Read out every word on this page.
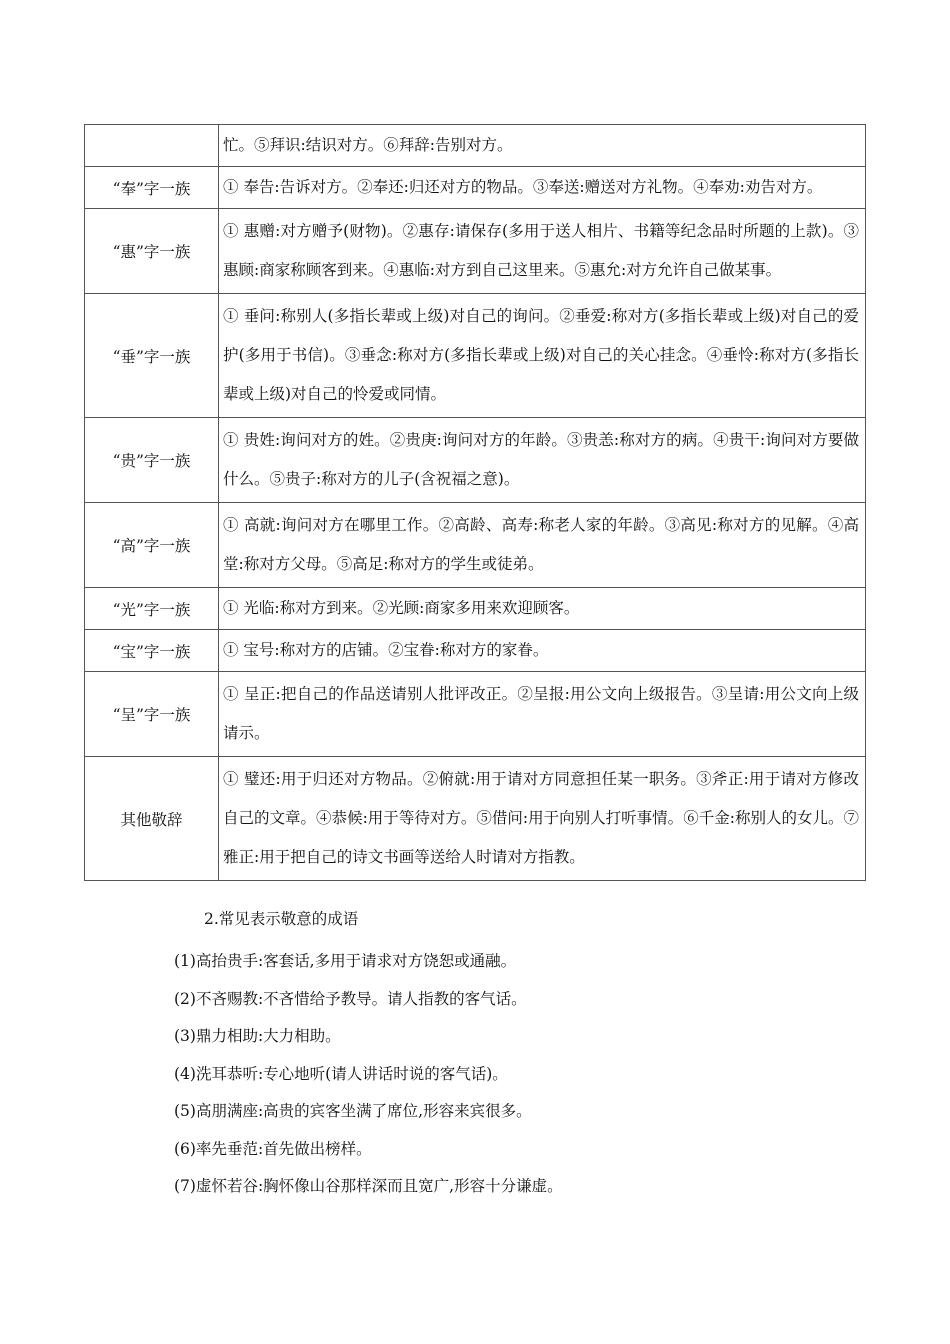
	忙。⑤拜识:结识对方。⑥拜辞:告别对方。
“奉”字一族	① 奉告:告诉对方。②奉还:归还对方的物品。③奉送:赠送对方礼物。④奉劝:劝告对方。
“惠”字一族	① 惠赠:对方赠予(财物)。②惠存:请保存(多用于送人相片、书籍等纪念品时所题的上款)。③惠顾:商家称顾客到来。④惠临:对方到自己这里来。⑤惠允:对方允许自己做某事。
“垂”字一族	① 垂问:称别人(多指长辈或上级)对自己的询问。②垂爱:称对方(多指长辈或上级)对自己的爱护(多用于书信)。③垂念:称对方(多指长辈或上级)对自己的关心挂念。④垂怜:称对方(多指长辈或上级)对自己的怜爱或同情。
“贵”字一族	① 贵姓:询问对方的姓。②贵庚:询问对方的年龄。③贵恙:称对方的病。④贵干:询问对方要做什么。⑤贵子:称对方的儿子(含祝福之意)。
“高”字一族	① 高就:询问对方在哪里工作。②高龄、高寿:称老人家的年龄。③高见:称对方的见解。④高堂:称对方父母。⑤高足:称对方的学生或徒弟。
“光”字一族	① 光临:称对方到来。②光顾:商家多用来欢迎顾客。
“宝”字一族	① 宝号:称对方的店铺。②宝眷:称对方的家眷。
“呈”字一族	① 呈正:把自己的作品送请别人批评改正。②呈报:用公文向上级报告。③呈请:用公文向上级请示。
其他敬辞	① 璧还:用于归还对方物品。②俯就:用于请对方同意担任某一职务。③斧正:用于请对方修改自己的文章。④恭候:用于等待对方。⑤借问:用于向别人打听事情。⑥千金:称别人的女儿。⑦雅正:用于把自己的诗文书画等送给人时请对方指教。
2.常见表示敬意的成语
(1)高抬贵手:客套话,多用于请求对方饶恕或通融。
(2)不吝赐教:不吝惜给予教导。请人指教的客气话。
(3)鼎力相助:大力相助。
(4)洗耳恭听:专心地听(请人讲话时说的客气话)。
(5)高朋满座:高贵的宾客坐满了席位,形容来宾很多。
(6)率先垂范:首先做出榜样。
(7)虚怀若谷:胸怀像山谷那样深而且宽广,形容十分谦虚。
